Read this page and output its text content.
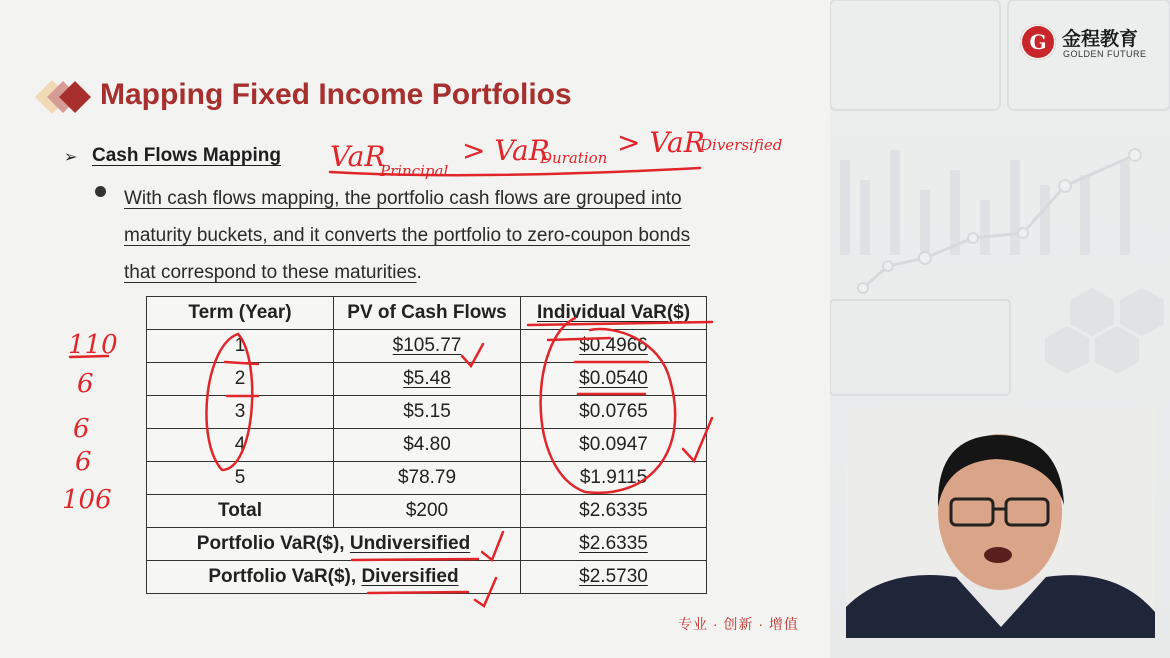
G 金程教育
GOLDEN FUTURE
Mapping Fixed Income Portfolios
➢ Cash Flows Mapping
With cash flows mapping, the portfolio cash flows are grouped into
maturity buckets, and it converts the portfolio to zero-coupon bonds
that correspond to these maturities.
Term (Year)	PV of Cash Flows	Individual VaR($)
1	$105.77	$0.4966
2	$5.48	$0.0540
3	$5.15	$0.0765
4	$4.80	$0.0947
5	$78.79	$1.9115
Total	$200	$2.6335
Portfolio VaR($), Undiversified		$2.6335
Portfolio VaR($), Diversified		$2.5730
专业 · 创新 · 增值
VaR
Principal
> VaR
Duration > VaR
Diversified
110
6
6
6
106
